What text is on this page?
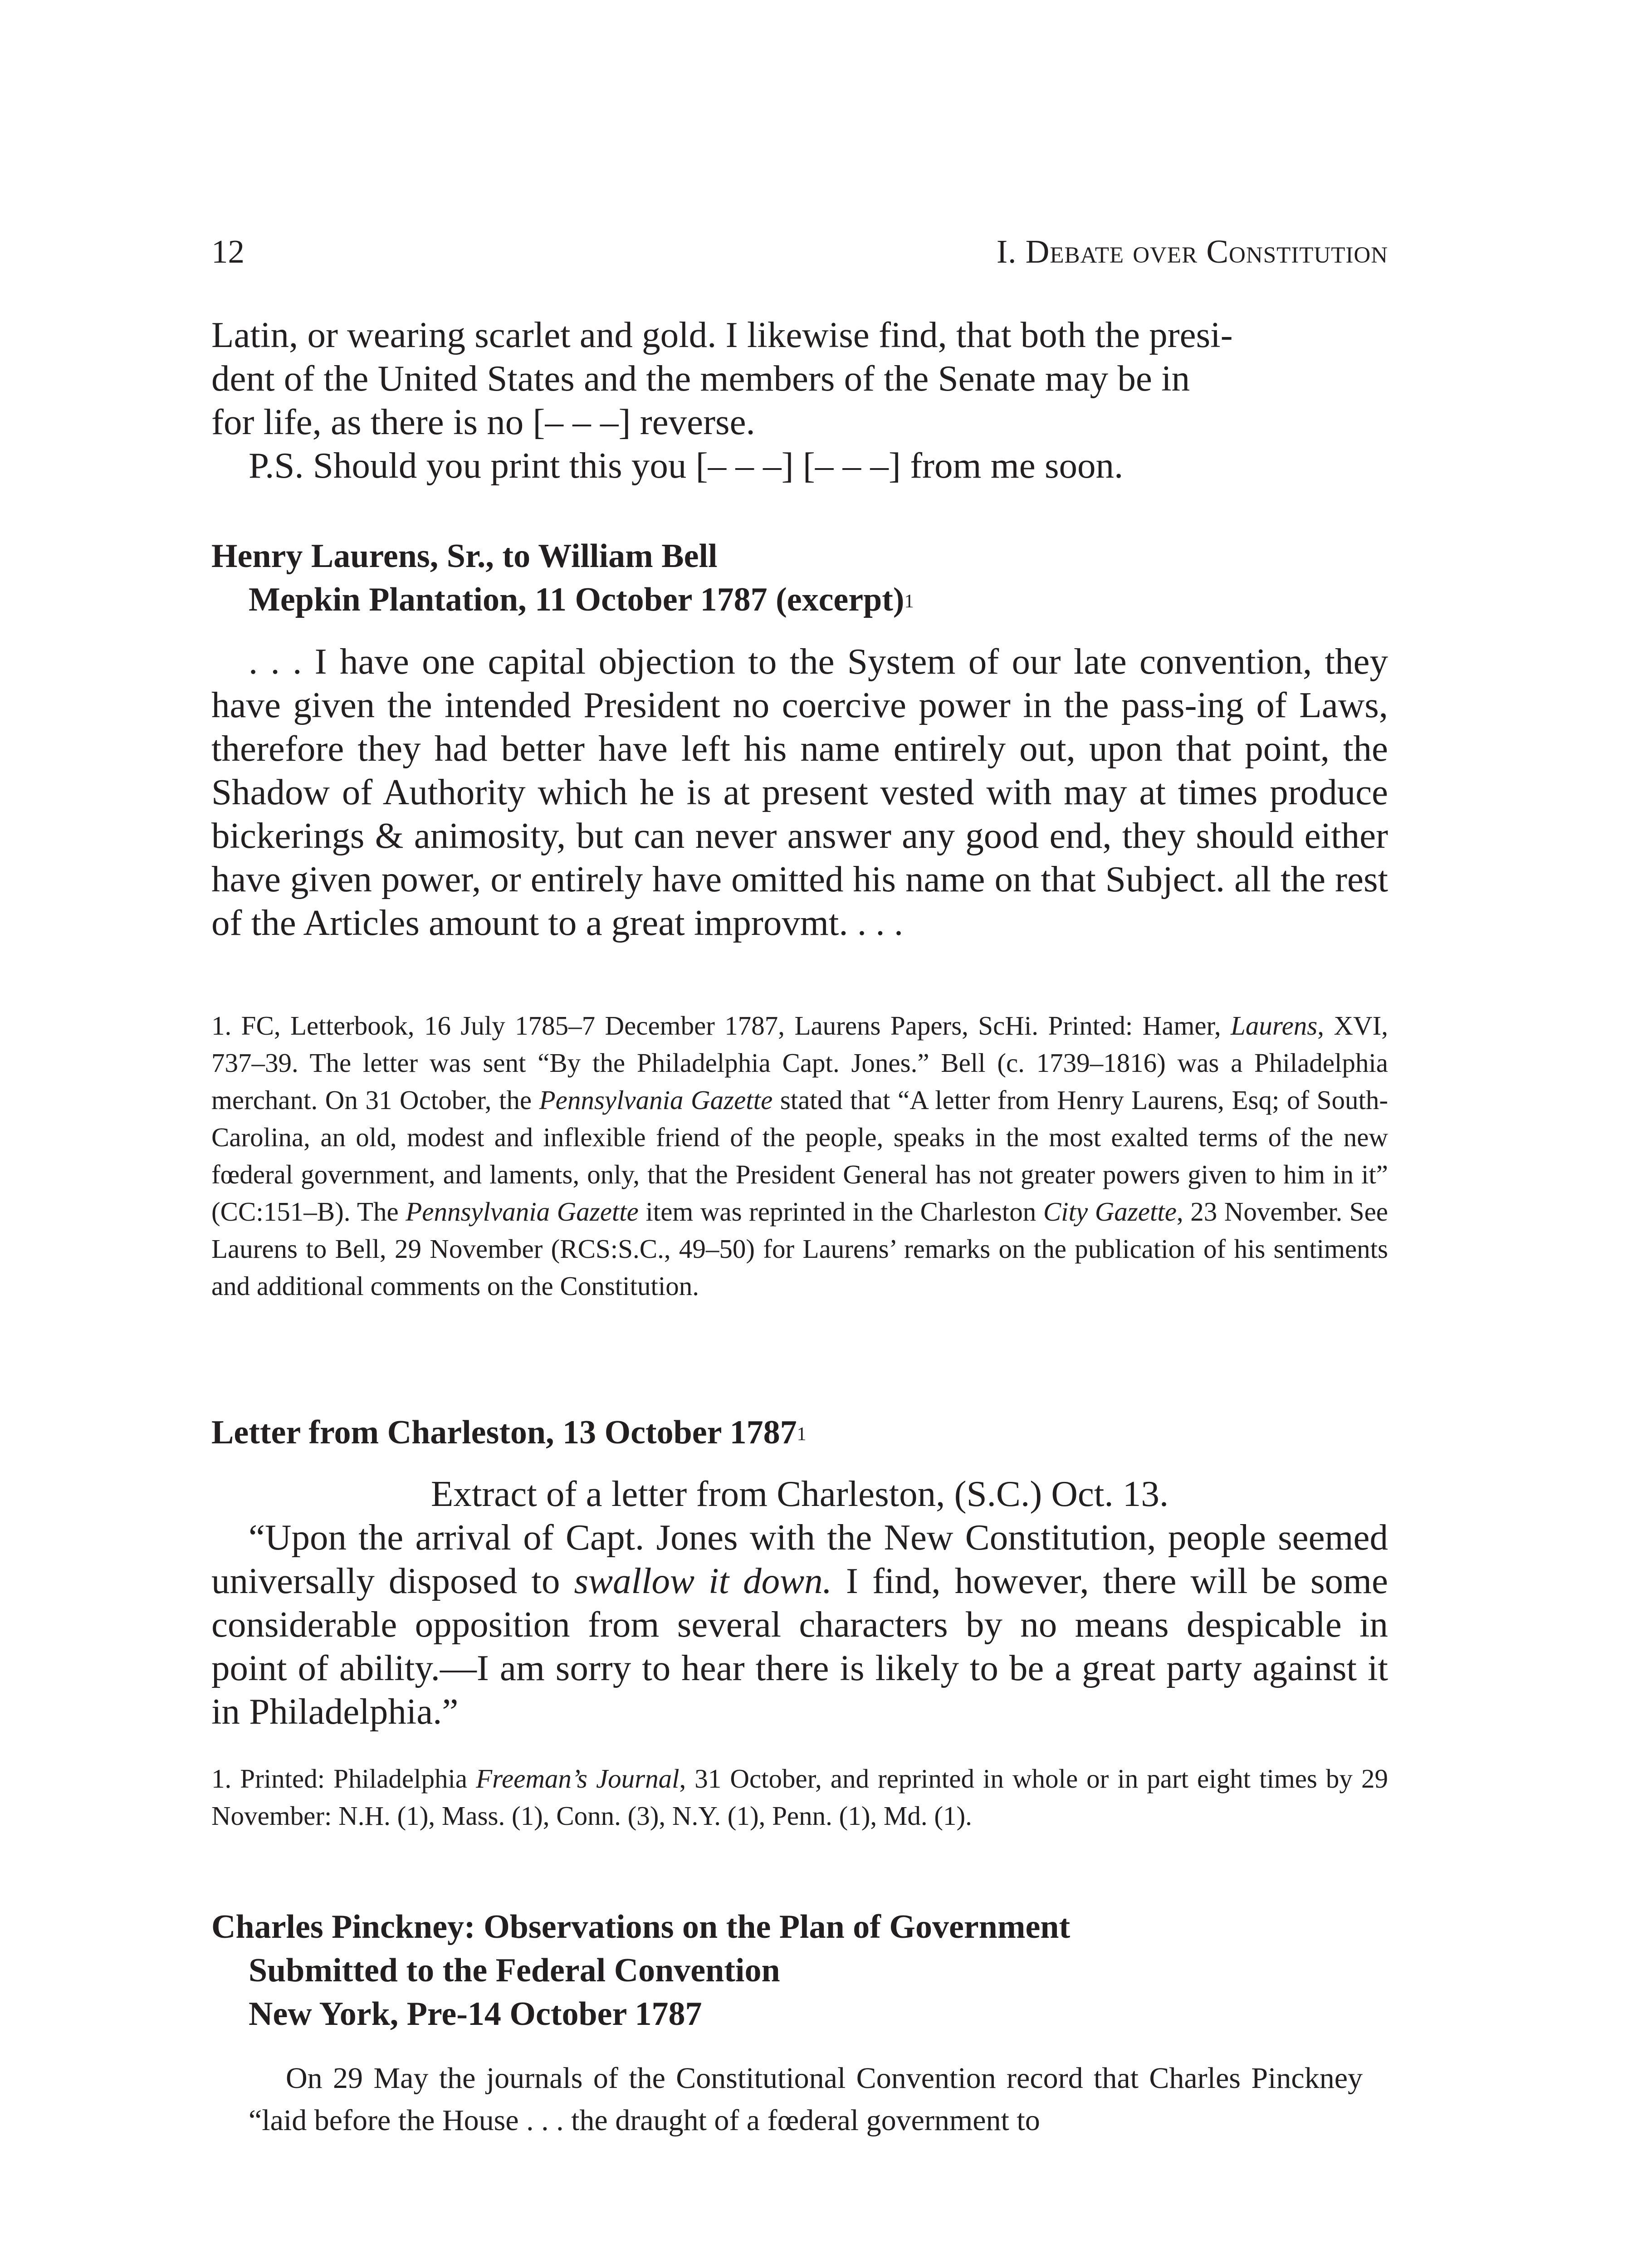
12	I. Debate over Constitution

Latin, or wearing scarlet and gold. I likewise find, that both the presi-

dent of the United States and the members of the Senate may be in

for life, as there is no [– – –] reverse.

P.S. Should you print this you [– – –] [– – –] from me soon.

Henry Laurens, Sr., to William Bell
Mepkin Plantation, 11 October 1787 (excerpt)$^1$

. . . I have one capital objection to the System of our late convention, they have given the intended President no coercive power in the pass-ing of Laws, therefore they had better have left his name entirely out, upon that point, the Shadow of Authority which he is at present vested with may at times produce bickerings & animosity, but can never answer any good end, they should either have given power, or entirely have omitted his name on that Subject. all the rest of the Articles amount to a great improvmt. . . .

1. FC, Letterbook, 16 July 1785–7 December 1787, Laurens Papers, ScHi. Printed: Hamer, Laurens, XVI, 737–39. The letter was sent “By the Philadelphia Capt. Jones.” Bell (c. 1739–1816) was a Philadelphia merchant. On 31 October, the Pennsylvania Gazette stated that “A letter from Henry Laurens, Esq; of South-Carolina, an old, modest and inflexible friend of the people, speaks in the most exalted terms of the new fœderal government, and laments, only, that the President General has not greater powers given to him in it” (CC:151–B). The Pennsylvania Gazette item was reprinted in the Charleston City Gazette, 23 November. See Laurens to Bell, 29 November (RCS:S.C., 49–50) for Laurens’ remarks on the publication of his sentiments and additional comments on the Constitution.

Letter from Charleston, 13 October 1787$^1$
Extract of a letter from Charleston, (S.C.) Oct. 13.

“Upon the arrival of Capt. Jones with the New Constitution, people seemed universally disposed to swallow it down. I find, however, there will be some considerable opposition from several characters by no means despicable in point of ability.—I am sorry to hear there is likely to be a great party against it in Philadelphia.”

1. Printed: Philadelphia Freeman’s Journal, 31 October, and reprinted in whole or in part eight times by 29 November: N.H. (1), Mass. (1), Conn. (3), N.Y. (1), Penn. (1), Md. (1).

Charles Pinckney: Observations on the Plan of Government
Submitted to the Federal Convention
New York, Pre-14 October 1787

On 29 May the journals of the Constitutional Convention record that Charles Pinckney “laid before the House . . . the draught of a fœderal government to
